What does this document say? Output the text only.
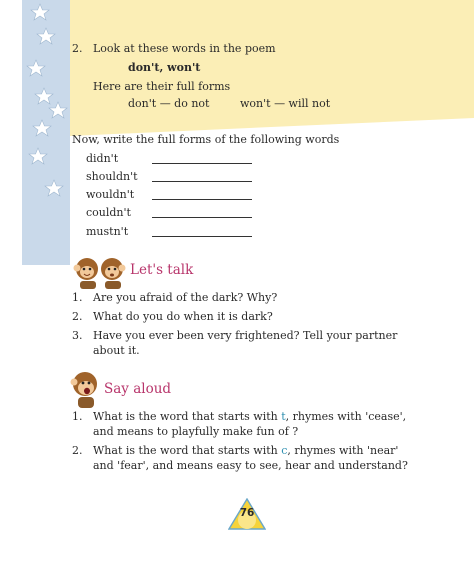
2. Look at these words in the poem
don't, won't
Here are their full forms
don't — do not	won't — will not
Now, write the full forms of the following words
didn't
shouldn't
wouldn't
couldn't
mustn't
Let's talk
1. Are you afraid of the dark? Why?
2. What do you do when it is dark?
3. Have you ever been very frightened? Tell your partner
about it.
Say aloud
1. What is the word that starts with t, rhymes with 'cease',
and means to playfully make fun of ?
2. What is the word that starts with c, rhymes with 'near'
and 'fear', and means easy to see, hear and understand?
76
